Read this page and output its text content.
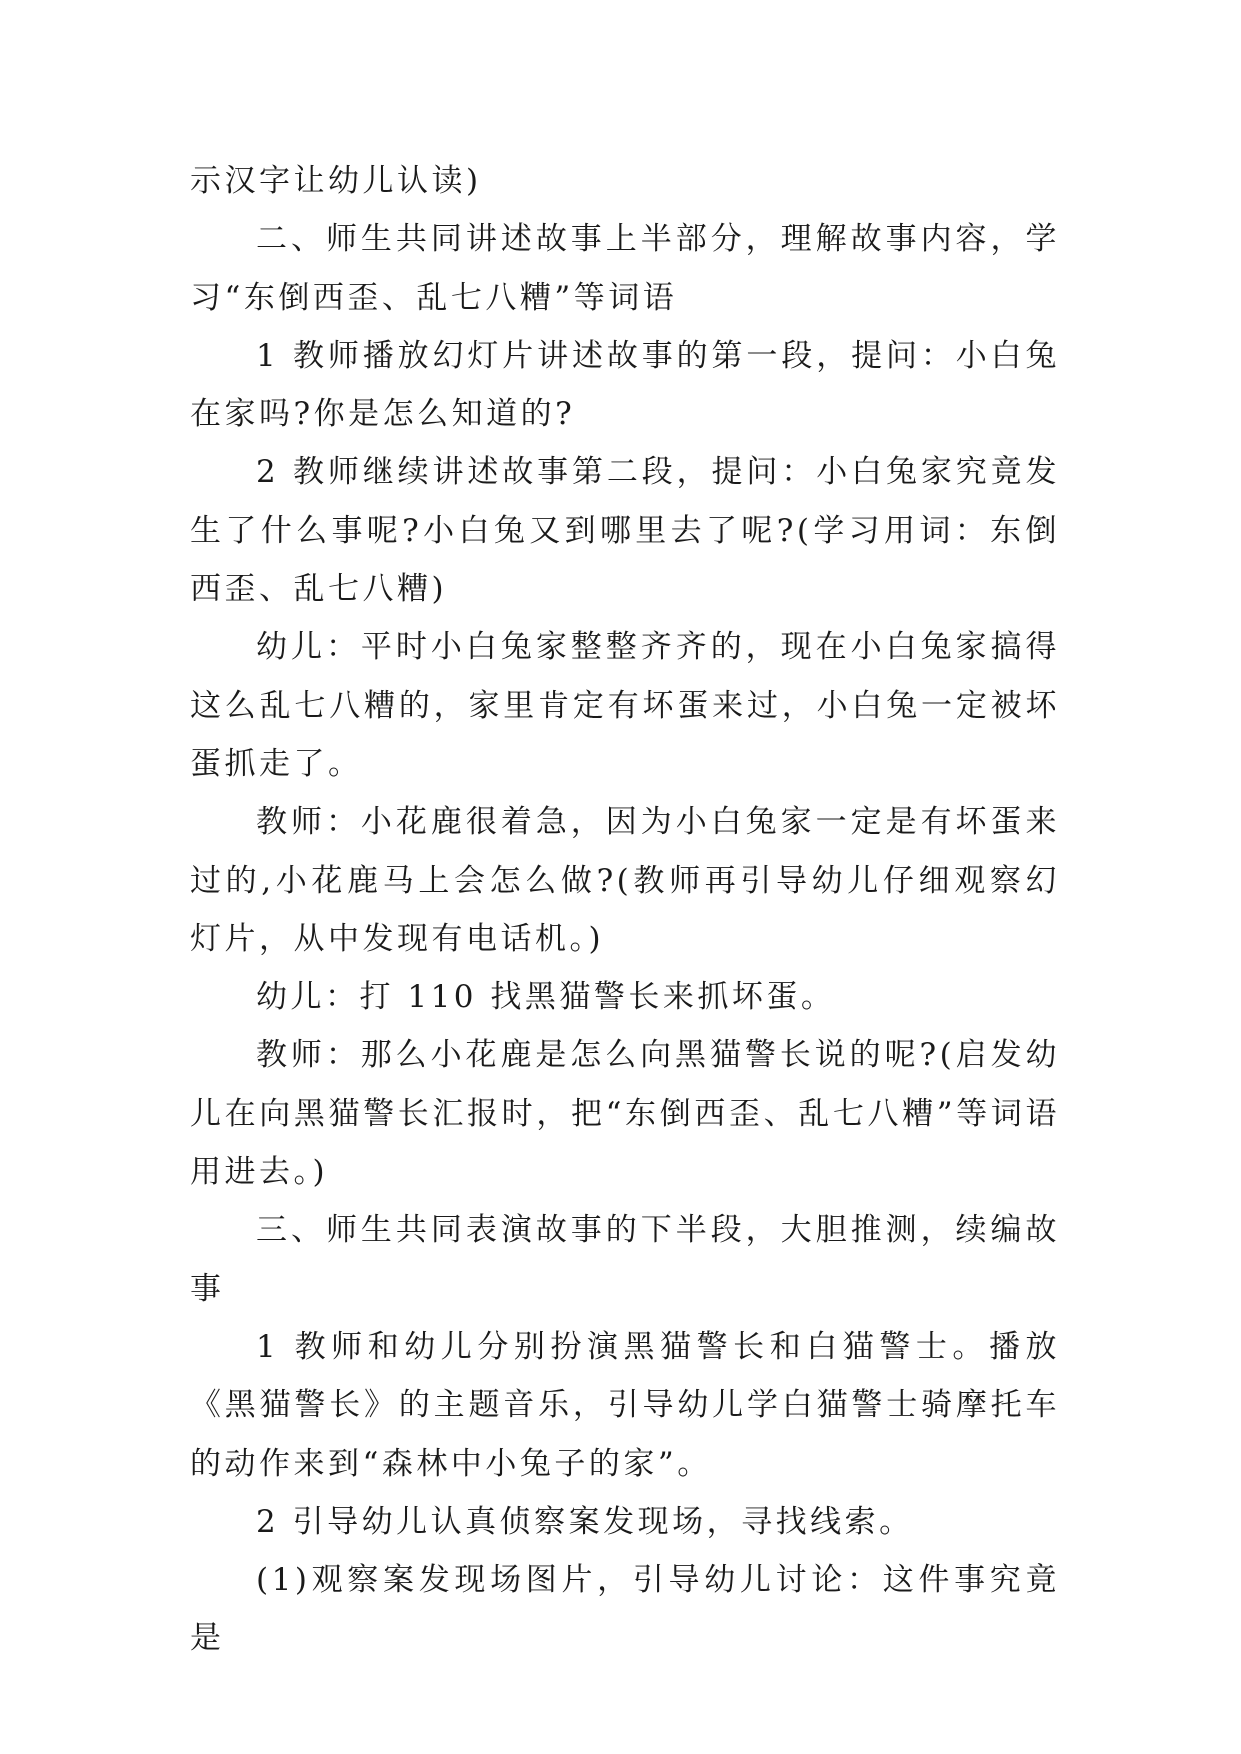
示汉字让幼儿认读)

二、师生共同讲述故事上半部分，理解故事内容，学习“东倒西歪、乱七八糟”等词语

1 教师播放幻灯片讲述故事的第一段，提问：小白兔在家吗?你是怎么知道的?

2 教师继续讲述故事第二段，提问：小白兔家究竟发生了什么事呢?小白兔又到哪里去了呢?(学习用词：东倒西歪、乱七八糟)

幼儿：平时小白兔家整整齐齐的，现在小白兔家搞得这么乱七八糟的，家里肯定有坏蛋来过，小白兔一定被坏蛋抓走了。

教师：小花鹿很着急，因为小白兔家一定是有坏蛋来过的,小花鹿马上会怎么做?(教师再引导幼儿仔细观察幻灯片，从中发现有电话机。)

幼儿：打 110 找黑猫警长来抓坏蛋。

教师：那么小花鹿是怎么向黑猫警长说的呢?(启发幼儿在向黑猫警长汇报时，把“东倒西歪、乱七八糟”等词语用进去。)

三、师生共同表演故事的下半段，大胆推测，续编故事

1 教师和幼儿分别扮演黑猫警长和白猫警士。播放《黑猫警长》的主题音乐，引导幼儿学白猫警士骑摩托车的动作来到“森林中小兔子的家”。

2 引导幼儿认真侦察案发现场，寻找线索。

(1)观察案发现场图片，引导幼儿讨论：这件事究竟是
